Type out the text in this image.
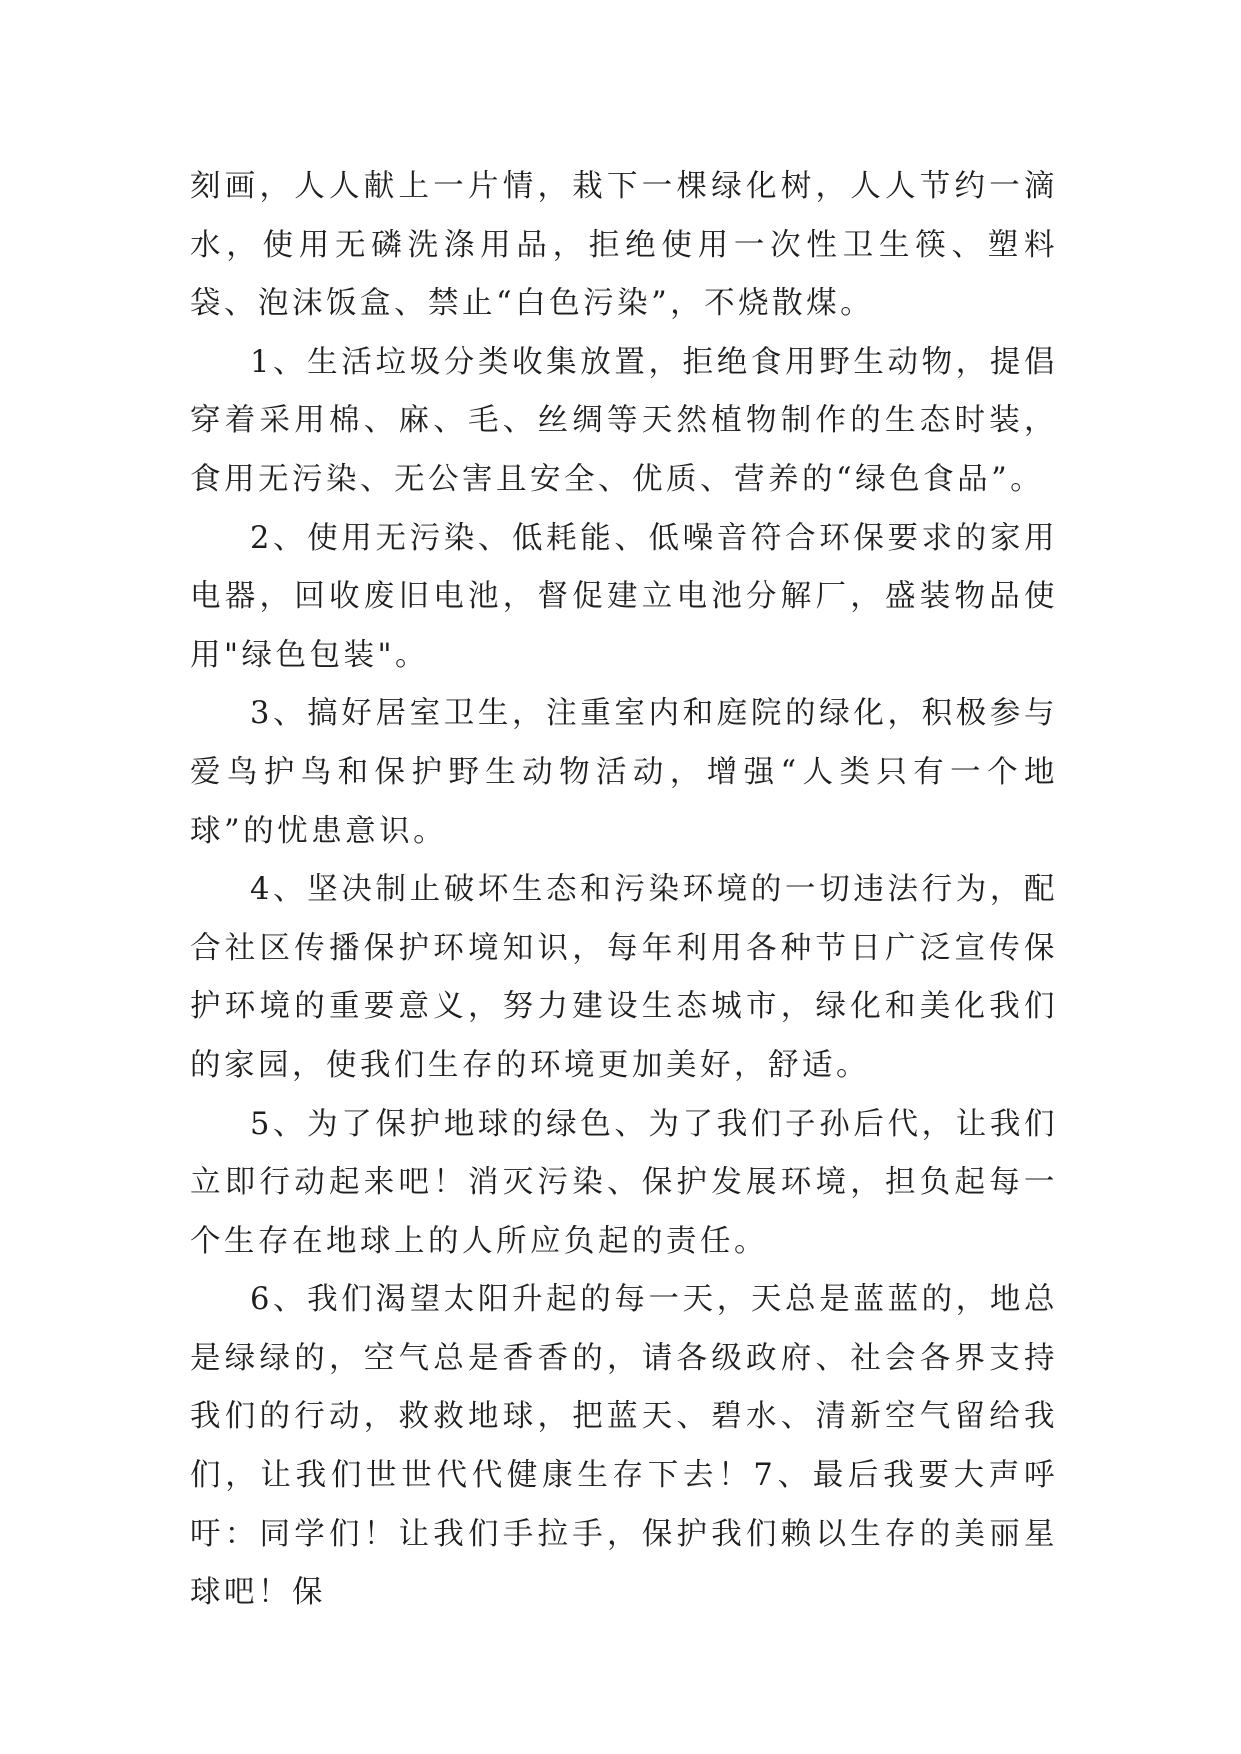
刻画，人人献上一片情，栽下一棵绿化树，人人节约一滴水，使用无磷洗涤用品，拒绝使用一次性卫生筷、塑料袋、泡沫饭盒、禁止“白色污染”，不烧散煤。

1、生活垃圾分类收集放置，拒绝食用野生动物，提倡穿着采用棉、麻、毛、丝绸等天然植物制作的生态时装，食用无污染、无公害且安全、优质、营养的“绿色食品”。

2、使用无污染、低耗能、低噪音符合环保要求的家用电器，回收废旧电池，督促建立电池分解厂，盛装物品使用"绿色包装"。

3、搞好居室卫生，注重室内和庭院的绿化，积极参与爱鸟护鸟和保护野生动物活动，增强“人类只有一个地球”的忧患意识。

4、坚决制止破坏生态和污染环境的一切违法行为，配合社区传播保护环境知识，每年利用各种节日广泛宣传保护环境的重要意义，努力建设生态城市，绿化和美化我们的家园，使我们生存的环境更加美好，舒适。

5、为了保护地球的绿色、为了我们子孙后代，让我们立即行动起来吧！消灭污染、保护发展环境，担负起每一个生存在地球上的人所应负起的责任。

6、我们渴望太阳升起的每一天，天总是蓝蓝的，地总是绿绿的，空气总是香香的，请各级政府、社会各界支持我们的行动，救救地球，把蓝天、碧水、清新空气留给我们，让我们世世代代健康生存下去！7、最后我要大声呼吁：同学们！让我们手拉手，保护我们赖以生存的美丽星球吧！保
